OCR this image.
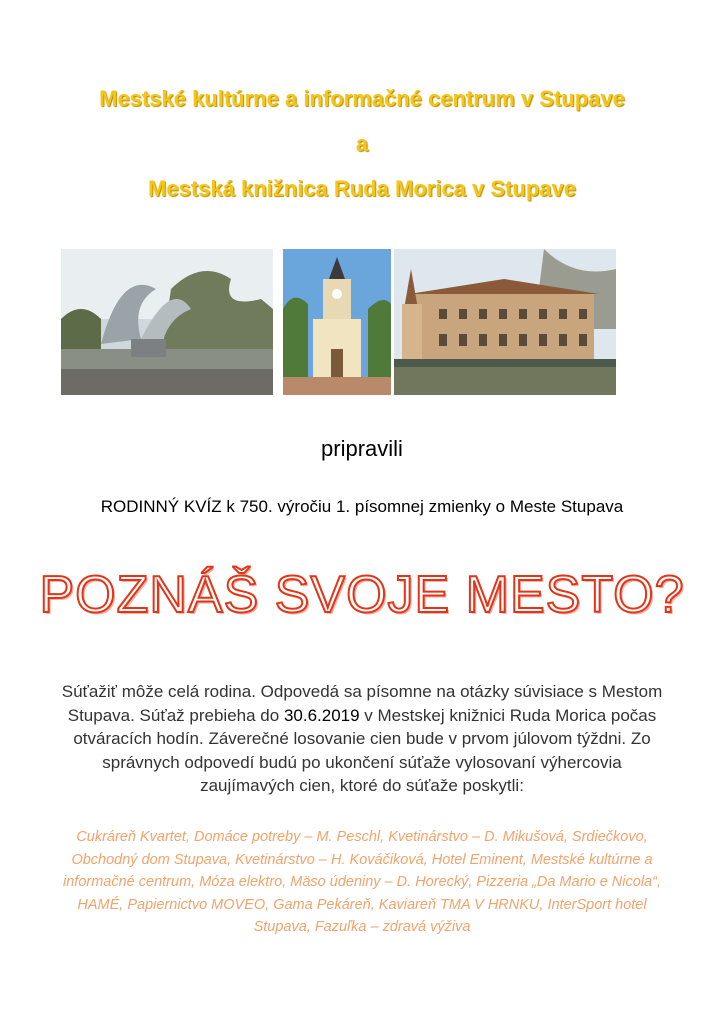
Mestské kultúrne a informačné centrum v Stupave
a
Mestská knižnica Ruda Morica v Stupave
pripravili
RODINNÝ KVÍZ k 750. výročiu 1. písomnej zmienky o Meste Stupava
POZNÁŠ SVOJE MESTO?
Súťažiť môže celá rodina. Odpovedá sa písomne na otázky súvisiace s Mestom Stupava. Súťaž prebieha do 30.6.2019 v Mestskej knižnici Ruda Morica počas otváracích hodín. Záverečné losovanie cien bude v prvom júlovom týždni. Zo správnych odpovedí budú po ukončení súťaže vylosovaní výhercovia zaujímavých cien, ktoré do súťaže poskytli:
Cukráreň Kvartet, Domáce potreby – M. Peschl, Kvetinárstvo – D. Mikušová, Srdiečkovo, Obchodný dom Stupava, Kvetinárstvo – H. Kováčiková, Hotel Eminent, Mestské kultúrne a informačné centrum, Móza elektro, Mäso údeniny – D. Horecký, Pizzeria „Da Mario e Nicola“, HAMÉ, Papiernictvo MOVEO, Gama Pekáreň, Kaviareň TMA V HRNKU, InterSport hotel Stupava, Fazuľka – zdravá výživa
